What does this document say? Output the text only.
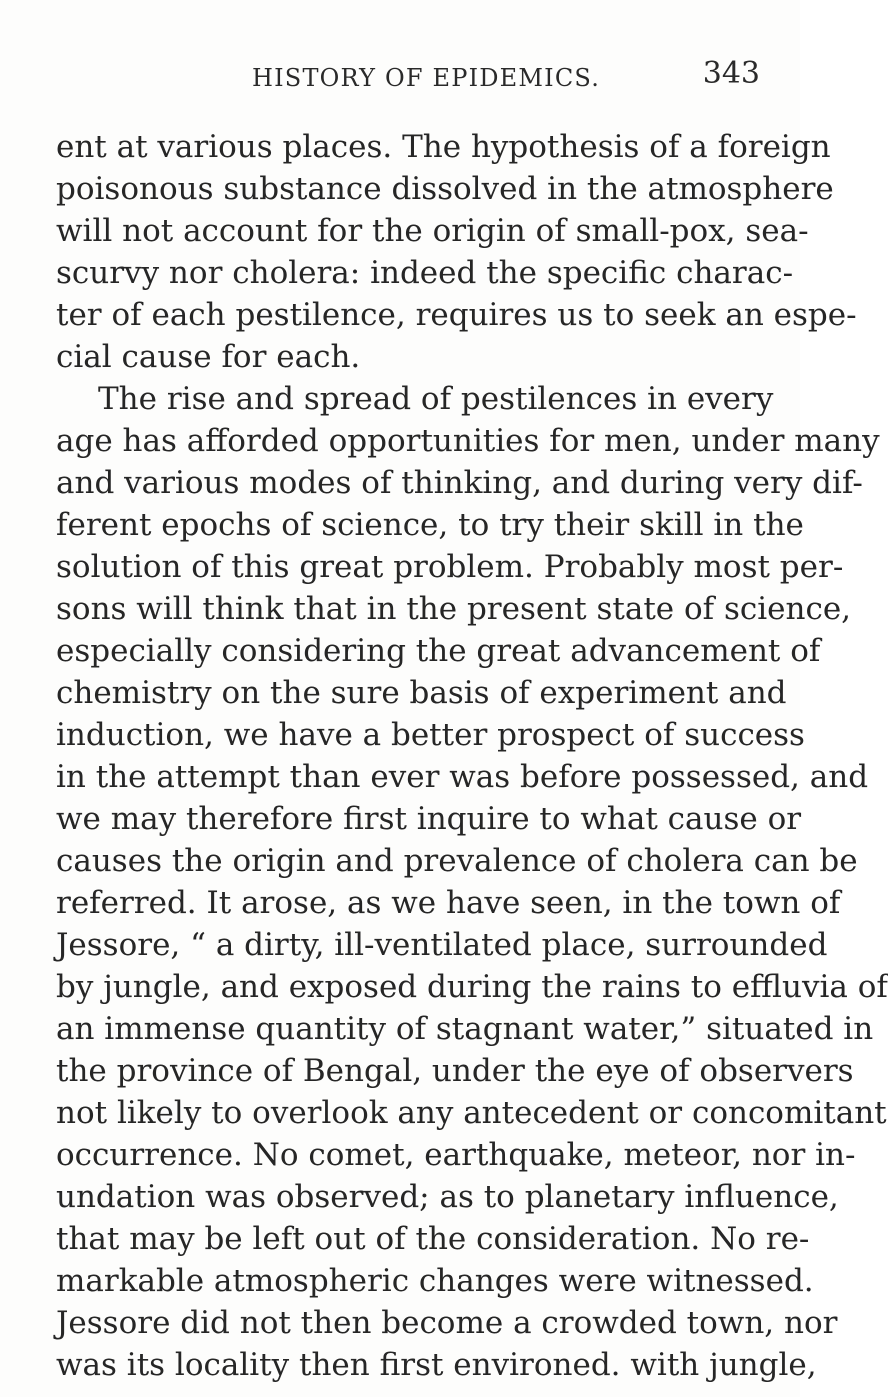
HISTORY OF EPIDEMICS.	343
ent at various places. The hypothesis of a foreign
poisonous substance dissolved in the atmosphere
will not account for the origin of small-pox, sea-
scurvy nor cholera: indeed the specific charac-
ter of each pestilence, requires us to seek an espe-
cial cause for each.
The rise and spread of pestilences in every
age has afforded opportunities for men, under many
and various modes of thinking, and during very dif-
ferent epochs of science, to try their skill in the
solution of this great problem. Probably most per-
sons will think that in the present state of science,
especially considering the great advancement of
chemistry on the sure basis of experiment and
induction, we have a better prospect of success
in the attempt than ever was before possessed, and
we may therefore first inquire to what cause or
causes the origin and prevalence of cholera can be
referred. It arose, as we have seen, in the town of
Jessore, “ a dirty, ill-ventilated place, surrounded
by jungle, and exposed during the rains to effluvia of
an immense quantity of stagnant water,” situated in
the province of Bengal, under the eye of observers
not likely to overlook any antecedent or concomitant
occurrence. No comet, earthquake, meteor, nor in-
undation was observed; as to planetary influence,
that may be left out of the consideration. No re-
markable atmospheric changes were witnessed.
Jessore did not then become a crowded town, nor
was its locality then first environed. with jungle,
